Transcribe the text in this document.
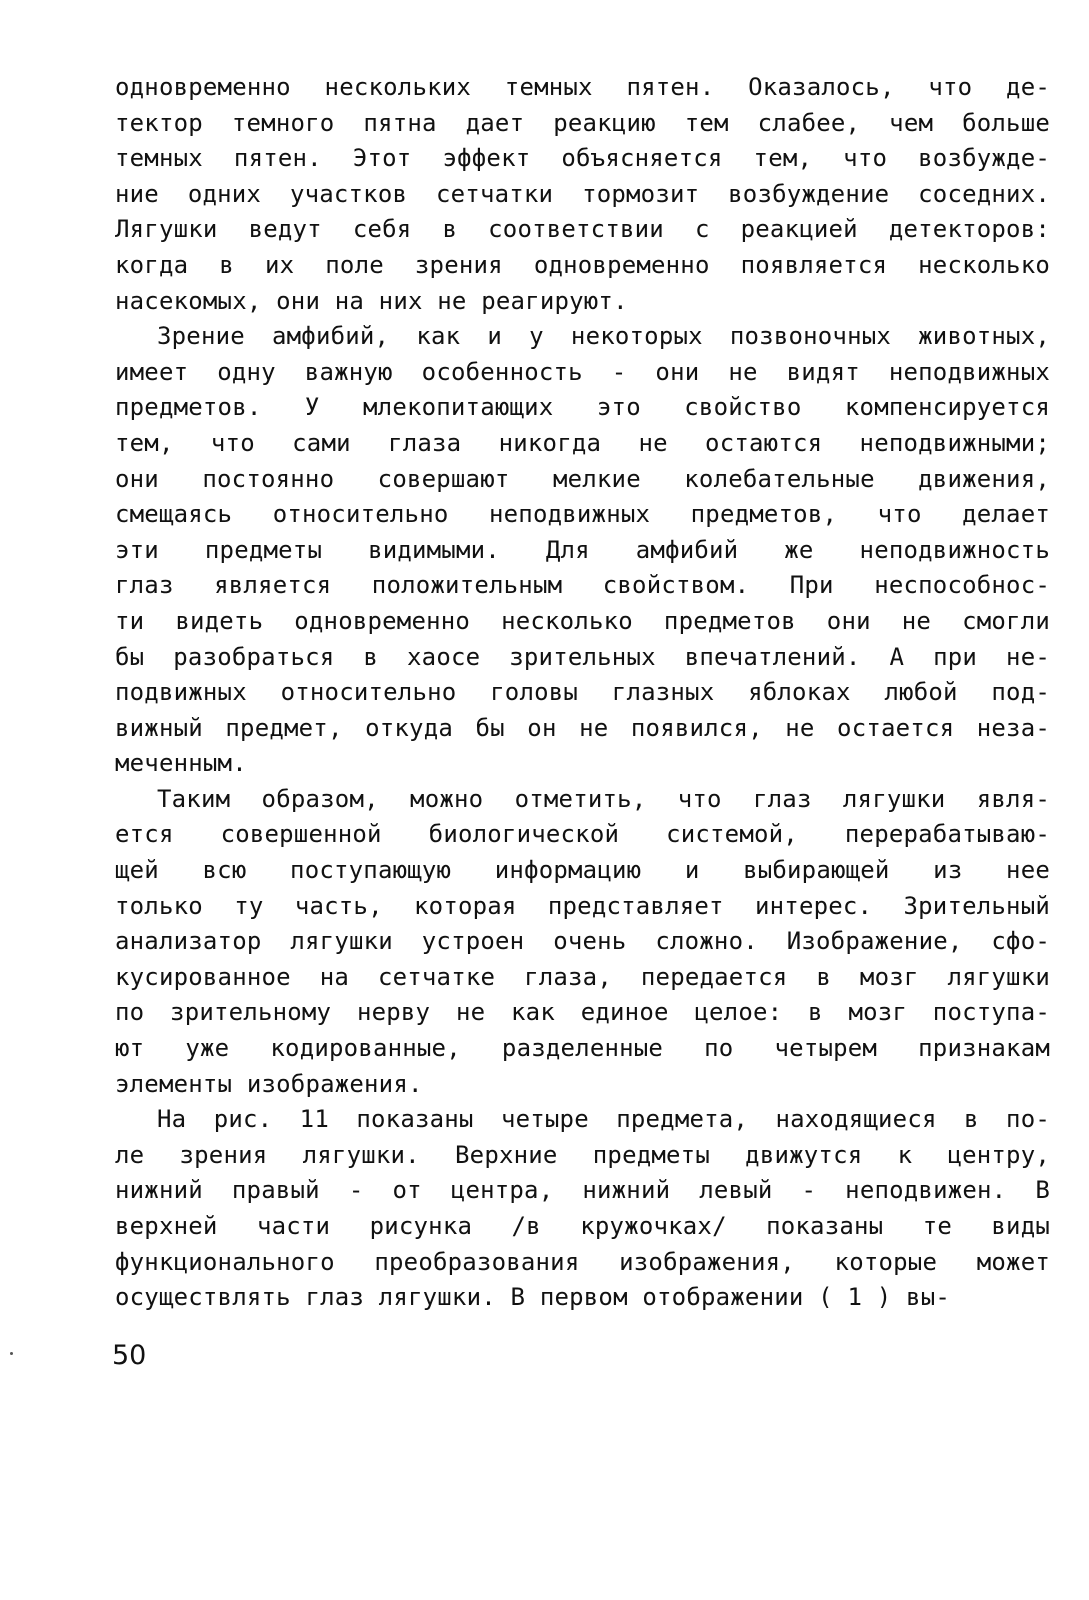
одновременно нескольких темных пятен. Оказалось, что де-
тектор темного пятна дает реакцию тем слабее, чем больше
темных пятен. Этот эффект объясняется тем, что возбужде-
ние одних участков сетчатки тормозит возбуждение соседних.
Лягушки ведут себя в соответствии с реакцией детекторов:
когда в их поле зрения одновременно появляется несколько
насекомых, они на них не реагируют.
Зрение амфибий, как и у некоторых позвоночных животных,
имеет одну важную особенность - они не видят неподвижных
предметов. У млекопитающих это свойство компенсируется
тем, что сами глаза никогда не остаются неподвижными;
они постоянно совершают мелкие колебательные движения,
смещаясь относительно неподвижных предметов, что делает
эти предметы видимыми. Для амфибий же неподвижность
глаз является положительным свойством. При неспособнос-
ти видеть одновременно несколько предметов они не смогли
бы разобраться в хаосе зрительных впечатлений. А при не-
подвижных относительно головы глазных яблоках любой под-
вижный предмет, откуда бы он не появился, не остается неза-
меченным.
Таким образом, можно отметить, что глаз лягушки явля-
ется совершенной биологической системой, перерабатываю-
щей всю поступающую информацию и выбирающей из нее
только ту часть, которая представляет интерес. Зрительный
анализатор лягушки устроен очень сложно. Изображение, сфо-
кусированное на сетчатке глаза, передается в мозг лягушки
по зрительному нерву не как единое целое: в мозг поступа-
ют уже кодированные, разделенные по четырем признакам
элементы изображения.
На рис. 11 показаны четыре предмета, находящиеся в по-
ле зрения лягушки. Верхние предметы движутся к центру,
нижний правый - от центра, нижний левый - неподвижен. В
верхней части рисунка /в кружочках/ показаны те виды
функционального преобразования изображения, которые может
осуществлять глаз лягушки. В первом отображении ( 1 ) вы-
50
